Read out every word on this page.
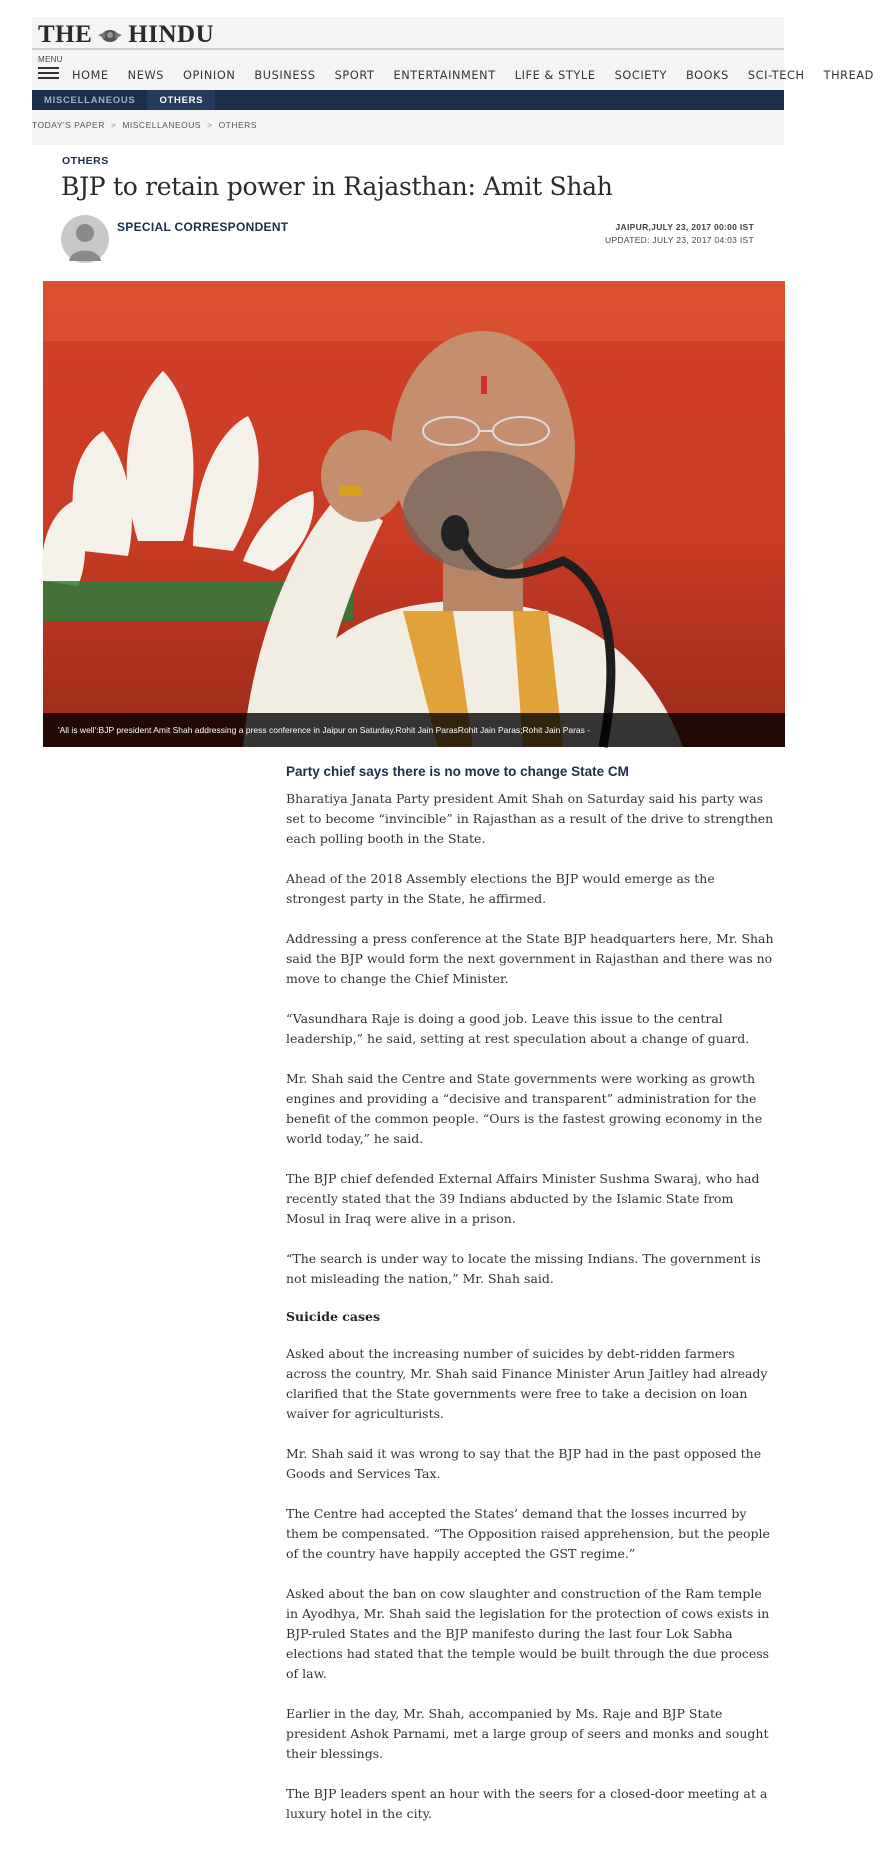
THE HINDU
MENU
HOME NEWS OPINION BUSINESS SPORT ENTERTAINMENT LIFE & STYLE SOCIETY BOOKS SCI-TECH THREAD
MISCELLANEOUS	OTHERS
TODAY'S PAPER > MISCELLANEOUS > OTHERS
OTHERS
BJP to retain power in Rajasthan: Amit Shah
SPECIAL CORRESPONDENT	JAIPUR,JULY 23, 2017 00:00 IST
UPDATED: JULY 23, 2017 04:03 IST
'All is well':BJP president Amit Shah addressing a press conference in Jaipur on Saturday.Rohit Jain ParasRohit Jain Paras;Rohit Jain Paras -
Party chief says there is no move to change State CM

Bharatiya Janata Party president Amit Shah on Saturday said his party was set to become “invincible” in Rajasthan as a result of the drive to strengthen each polling booth in the State.

Ahead of the 2018 Assembly elections the BJP would emerge as the strongest party in the State, he affirmed.

Addressing a press conference at the State BJP headquarters here, Mr. Shah said the BJP would form the next government in Rajasthan and there was no move to change the Chief Minister.

“Vasundhara Raje is doing a good job. Leave this issue to the central leadership,” he said, setting at rest speculation about a change of guard.

Mr. Shah said the Centre and State governments were working as growth engines and providing a “decisive and transparent” administration for the benefit of the common people. “Ours is the fastest growing economy in the world today,” he said.

The BJP chief defended External Affairs Minister Sushma Swaraj, who had recently stated that the 39 Indians abducted by the Islamic State from Mosul in Iraq were alive in a prison.

“The search is under way to locate the missing Indians. The government is not misleading the nation,” Mr. Shah said.

Suicide cases

Asked about the increasing number of suicides by debt-ridden farmers across the country, Mr. Shah said Finance Minister Arun Jaitley had already clarified that the State governments were free to take a decision on loan waiver for agriculturists.

Mr. Shah said it was wrong to say that the BJP had in the past opposed the Goods and Services Tax.

The Centre had accepted the States’ demand that the losses incurred by them be compensated. “The Opposition raised apprehension, but the people of the country have happily accepted the GST regime.”

Asked about the ban on cow slaughter and construction of the Ram temple in Ayodhya, Mr. Shah said the legislation for the protection of cows exists in BJP-ruled States and the BJP manifesto during the last four Lok Sabha elections had stated that the temple would be built through the due process of law.

Earlier in the day, Mr. Shah, accompanied by Ms. Raje and BJP State president Ashok Parnami, met a large group of seers and monks and sought their blessings.

The BJP leaders spent an hour with the seers for a closed-door meeting at a luxury hotel in the city.
